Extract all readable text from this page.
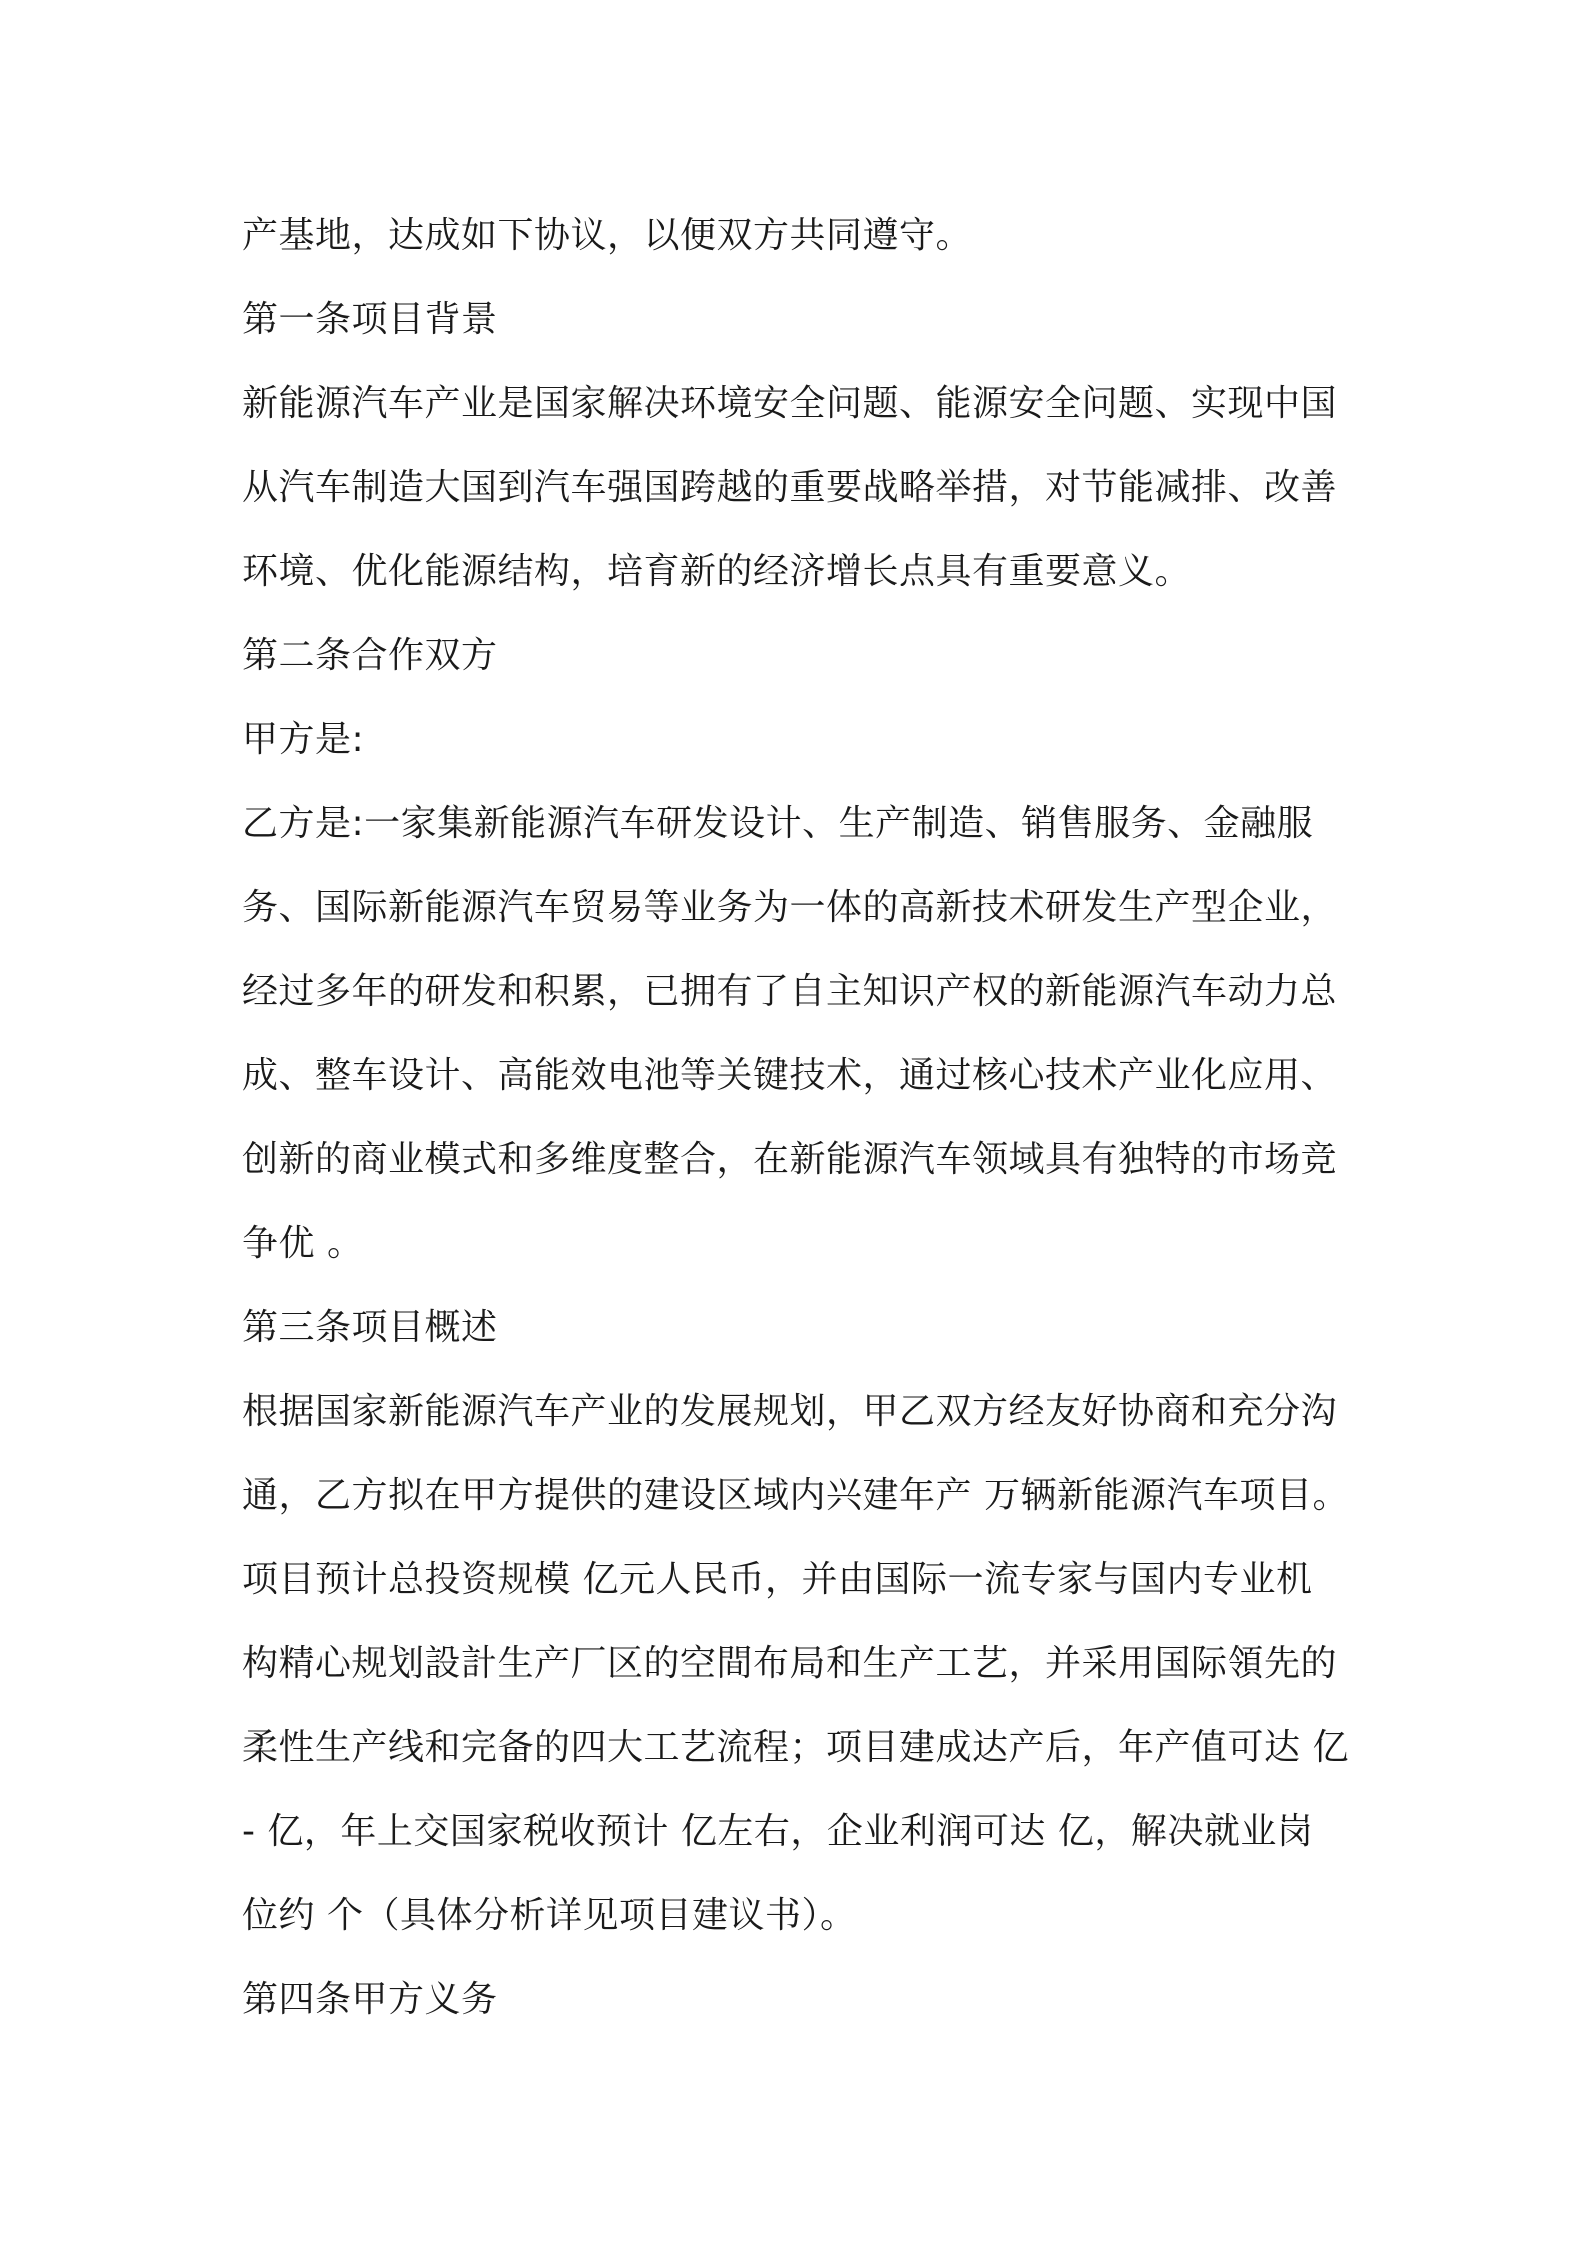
产基地，达成如下协议，以便双方共同遵守。
第一条项目背景
新能源汽车产业是国家解决环境安全问题、能源安全问题、实现中国
从汽车制造大国到汽车强国跨越的重要战略举措，对节能减排、改善
环境、优化能源结构，培育新的经济增长点具有重要意义。
第二条合作双方
甲方是:
乙方是:一家集新能源汽车研发设计、生产制造、销售服务、金融服
务、国际新能源汽车贸易等业务为一体的高新技术研发生产型企业，
经过多年的研发和积累，已拥有了自主知识产权的新能源汽车动力总
成、整车设计、高能效电池等关键技术，通过核心技术产业化应用、
创新的商业模式和多维度整合，在新能源汽车领域具有独特的市场竞
争优 。
第三条项目概述
根据国家新能源汽车产业的发展规划，甲乙双方经友好协商和充分沟
通，乙方拟在甲方提供的建设区域内兴建年产 万辆新能源汽车项目。
项目预计总投资规模 亿元人民币，并由国际一流专家与国内专业机
构精心规划設計生产厂区的空間布局和生产工艺，并采用国际領先的
柔性生产线和完备的四大工艺流程；项目建成达产后，年产值可达 亿
- 亿，年上交国家税收预计 亿左右，企业利润可达 亿，解决就业岗
位约 个（具体分析详见项目建议书）。
第四条甲方义务
